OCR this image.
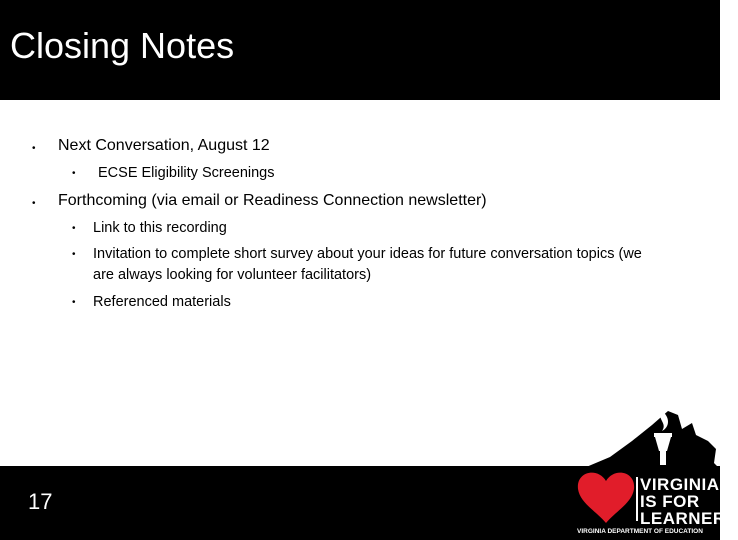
Closing Notes
• Next Conversation, August 12
• ECSE Eligibility Screenings
• Forthcoming (via email or Readiness Connection newsletter)
• Link to this recording
• Invitation to complete short survey about your ideas for future conversation topics (we are always looking for volunteer facilitators)
• Referenced materials
17
VIRGINIA
IS FOR
LEARNERS
VIRGINIA DEPARTMENT OF EDUCATION
